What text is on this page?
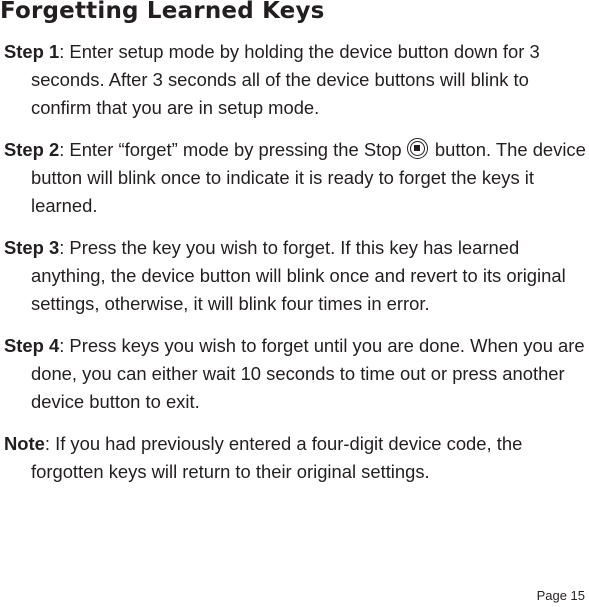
Forgetting Learned Keys

Step 1: Enter setup mode by holding the device button down for 3 seconds. After 3 seconds all of the device buttons will blink to confirm that you are in setup mode.

Step 2: Enter “forget” mode by pressing the Stop  button. The device button will blink once to indicate it is ready to forget the keys it learned.

Step 3: Press the key you wish to forget. If this key has learned anything, the device button will blink once and revert to its original settings, otherwise, it will blink four times in error.

Step 4: Press keys you wish to forget until you are done. When you are done, you can either wait 10 seconds to time out or press another device button to exit.

Note: If you had previously entered a four-digit device code, the forgotten keys will return to their original settings.

Page 15
